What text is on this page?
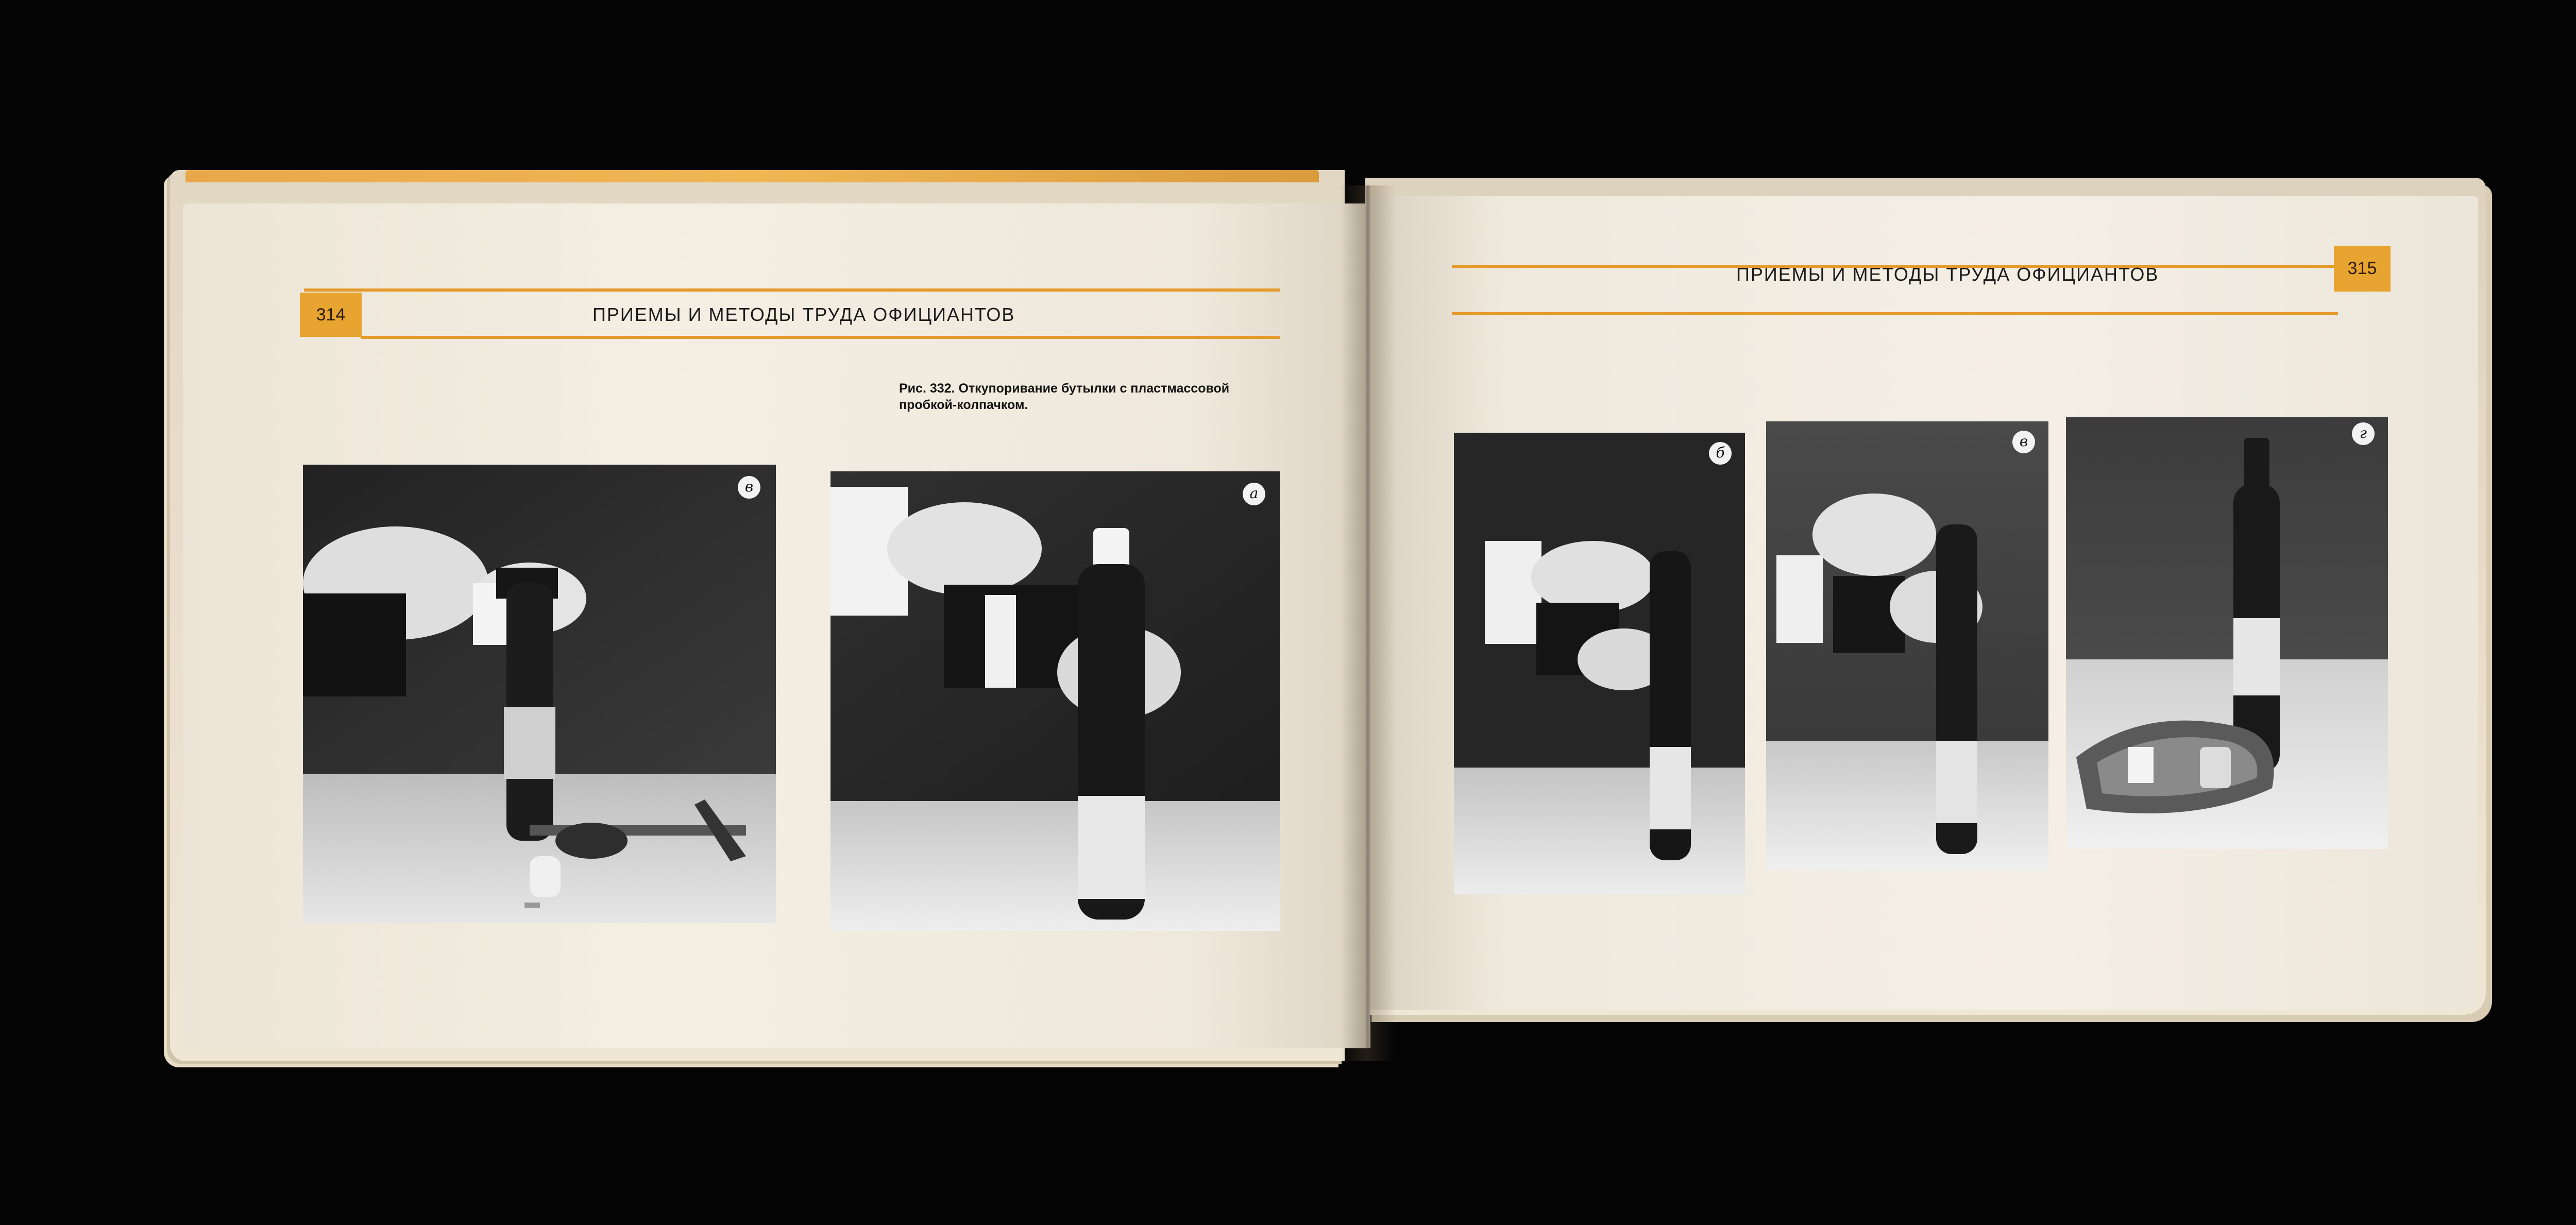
314	ПРИЕМЫ И МЕТОДЫ ТРУДА ОФИЦИАНТОВ
Рис. 332. Откупоривание бутылки с пластмассовой пробкой-колпачком.
в	а
315
ПРИЕМЫ И МЕТОДЫ ТРУДА ОФИЦИАНТОВ
б
в	г
